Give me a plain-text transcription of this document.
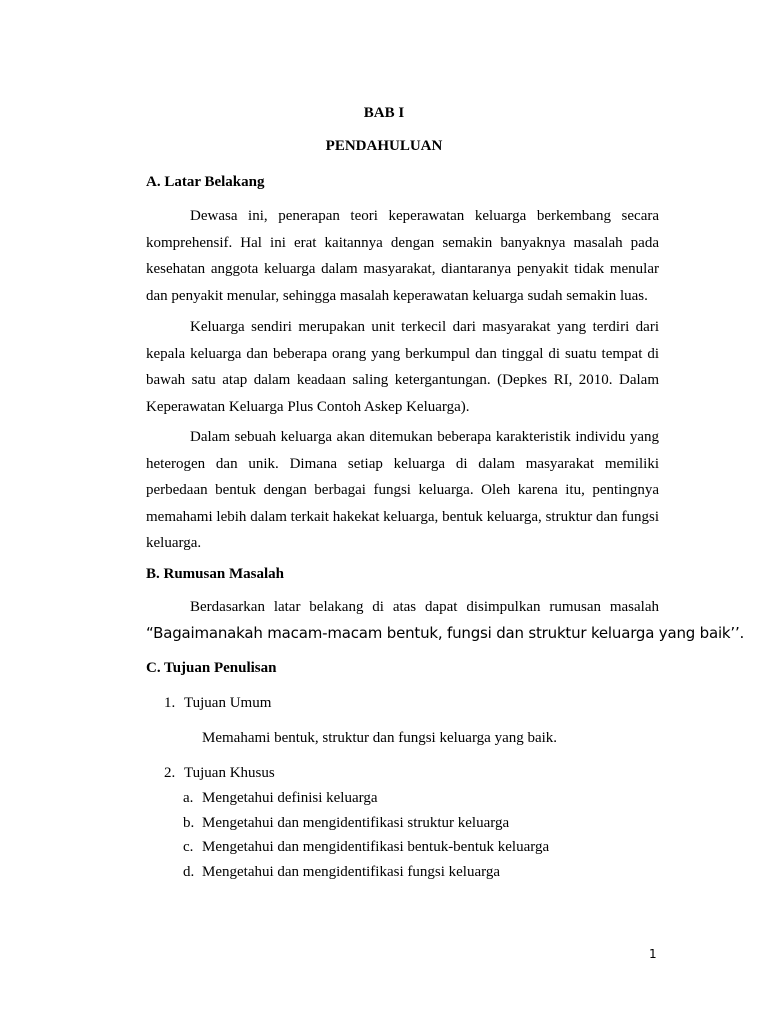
BAB I
PENDAHULUAN
A. Latar Belakang

Dewasa ini, penerapan teori keperawatan keluarga berkembang secara komprehensif. Hal ini erat kaitannya dengan semakin banyaknya masalah pada kesehatan anggota keluarga dalam masyarakat, diantaranya penyakit tidak menular dan penyakit menular, sehingga masalah keperawatan keluarga sudah semakin luas.

Keluarga sendiri merupakan unit terkecil dari masyarakat yang terdiri dari kepala keluarga dan beberapa orang yang berkumpul dan tinggal di suatu tempat di bawah satu atap dalam keadaan saling ketergantungan. (Depkes RI, 2010. Dalam Keperawatan Keluarga Plus Contoh Askep Keluarga).

Dalam sebuah keluarga akan ditemukan beberapa karakteristik individu yang heterogen dan unik. Dimana setiap keluarga di dalam masyarakat memiliki perbedaan bentuk dengan berbagai fungsi keluarga. Oleh karena itu, pentingnya memahami lebih dalam terkait hakekat keluarga, bentuk keluarga, struktur dan fungsi keluarga.

B. Rumusan Masalah

Berdasarkan latar belakang di atas dapat disimpulkan rumusan masalah

“Bagaimanakah macam-macam bentuk, fungsi dan struktur keluarga yang baik’’.
C. Tujuan Penulisan
1. Tujuan Umum
Memahami bentuk, struktur dan fungsi keluarga yang baik.
2. Tujuan Khusus
a. Mengetahui definisi keluarga
b. Mengetahui dan mengidentifikasi struktur keluarga
c. Mengetahui dan mengidentifikasi bentuk-bentuk keluarga
d. Mengetahui dan mengidentifikasi fungsi keluarga
1
